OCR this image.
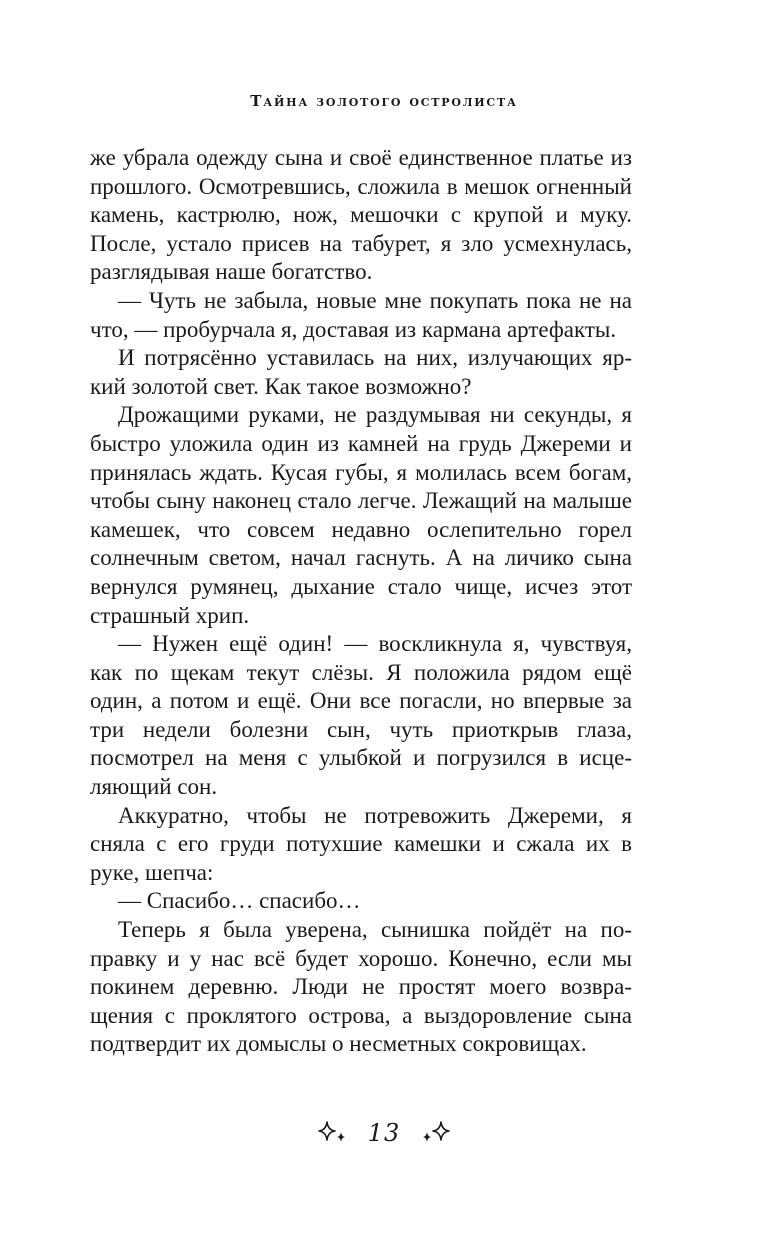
Тайна золотого остролиста

же убрала одежду сына и своё единственное платье из прошлого. Осмотревшись, сложила в мешок огненный камень, кастрюлю, нож, мешочки с крупой и муку. После, устало присев на табурет, я зло усмехнулась, разглядывая наше богатство.

— Чуть не забыла, новые мне покупать пока не на что, — пробурчала я, доставая из кармана артефакты.

И потрясённо уставилась на них, излучающих яркий золотой свет. Как такое возможно?

Дрожащими руками, не раздумывая ни секунды, я быстро уложила один из камней на грудь Джереми и принялась ждать. Кусая губы, я молилась всем богам, чтобы сыну наконец стало легче. Лежащий на малыше камешек, что совсем недавно ослепительно горел солнечным светом, начал гаснуть. А на личико сына вернулся румянец, дыхание стало чище, исчез этот страшный хрип.

— Нужен ещё один! — воскликнула я, чувствуя, как по щекам текут слёзы. Я положила рядом ещё один, а потом и ещё. Они все погасли, но впервые за три недели болезни сын, чуть приоткрыв глаза, посмотрел на меня с улыбкой и погрузился в исцеляющий сон.

Аккуратно, чтобы не потревожить Джереми, я сняла с его груди потухшие камешки и сжала их в руке, шепча:

— Спасибо… спасибо…

Теперь я была уверена, сынишка пойдёт на поправку и у нас всё будет хорошо. Конечно, если мы покинем деревню. Люди не простят моего возвращения с проклятого острова, а выздоровление сына подтвердит их домыслы о несметных сокровищах.

13
